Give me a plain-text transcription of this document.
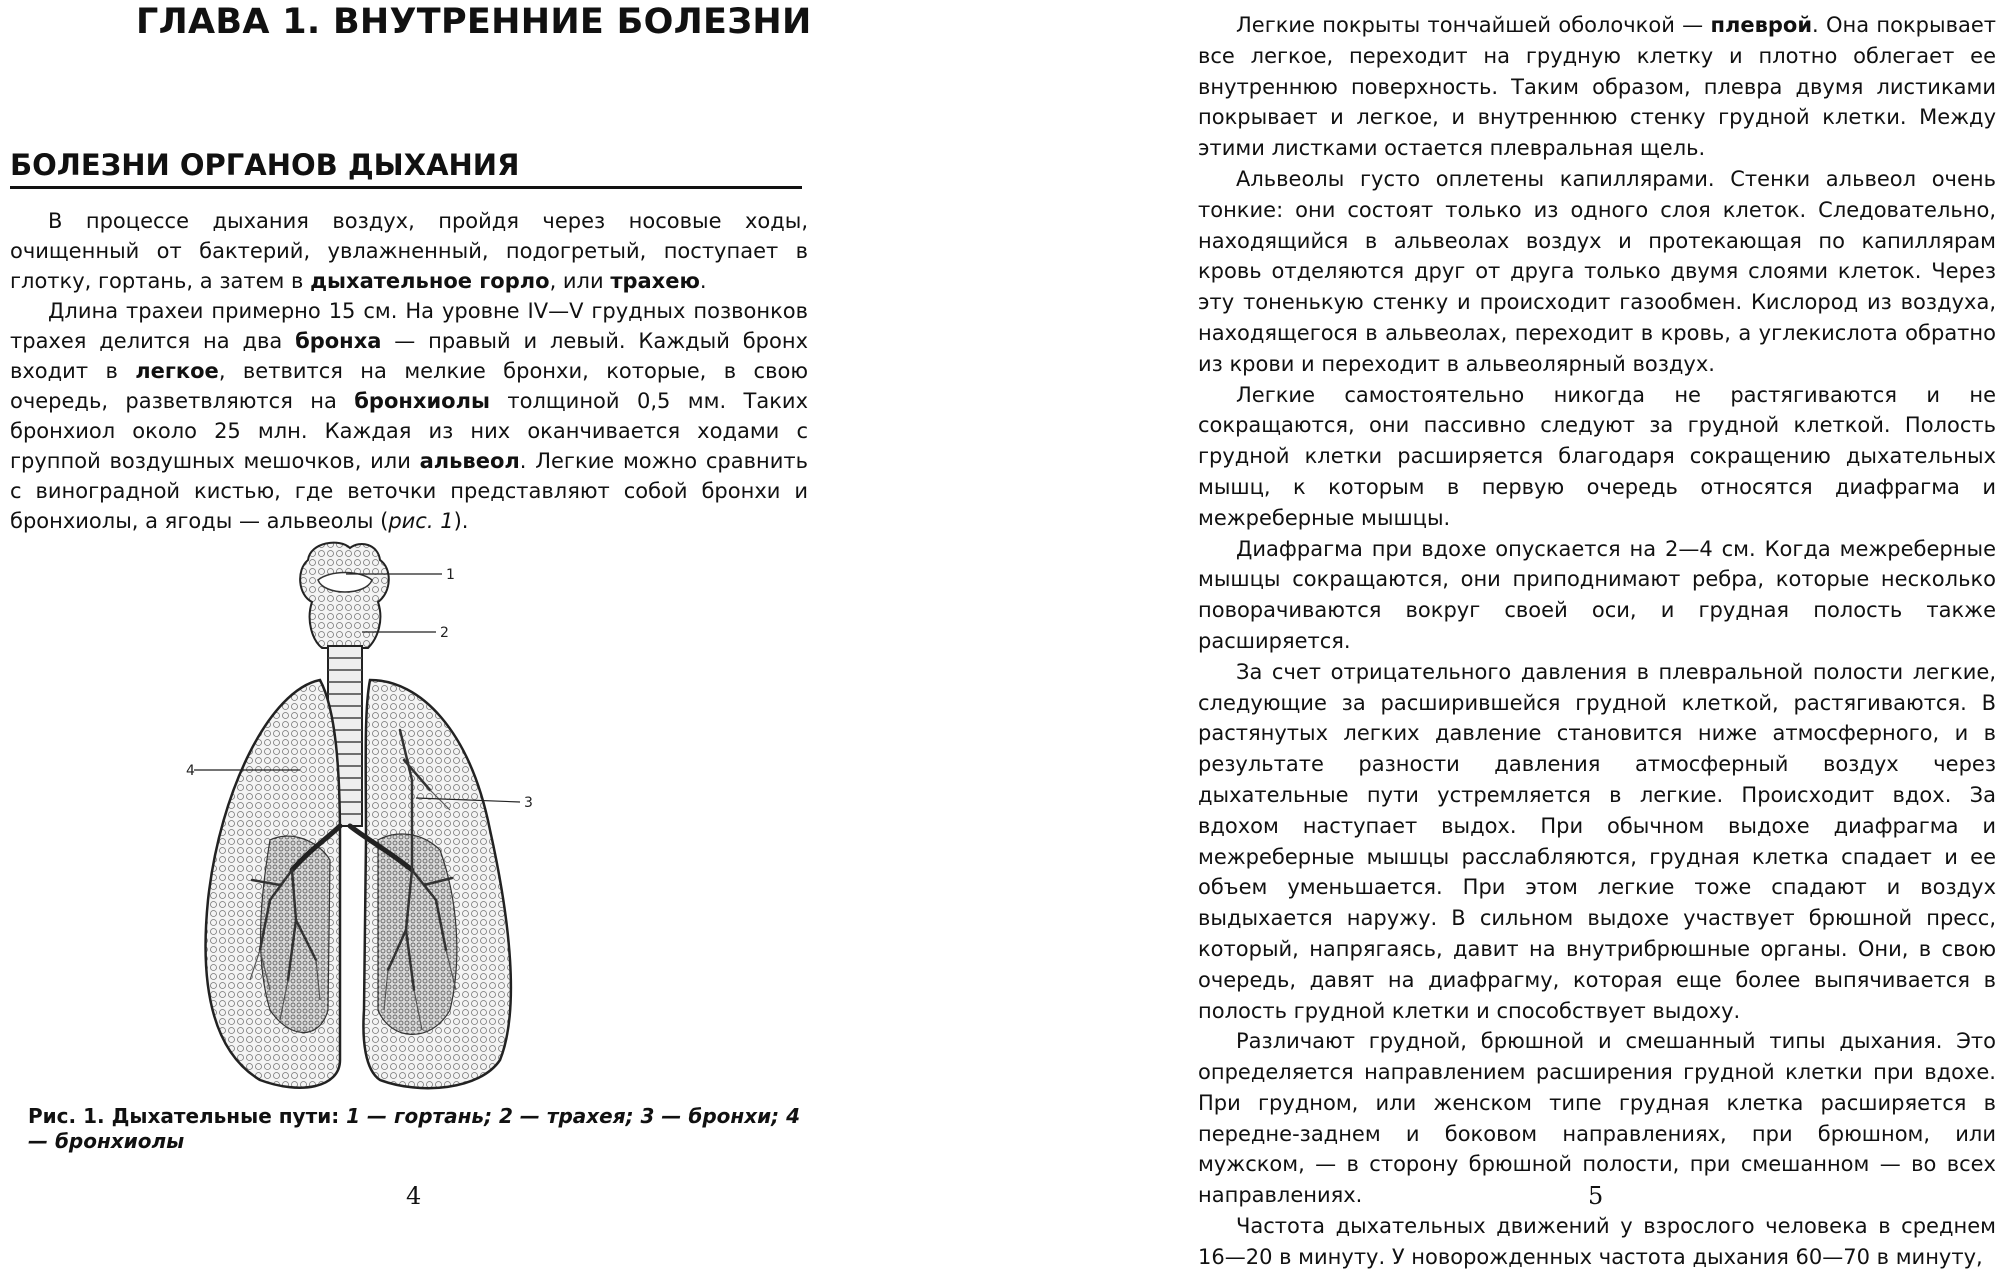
ГЛАВА 1. ВНУТРЕННИЕ БОЛЕЗНИ
БОЛЕЗНИ ОРГАНОВ ДЫХАНИЯ

В процессе дыхания воздух, пройдя через носовые ходы, очищенный от бактерий, увлажненный, подогретый, поступает в глотку, гортань, а затем в дыхательное горло, или трахею.

Длина трахеи примерно 15 см. На уровне IV—V грудных позвонков трахея делится на два бронха — правый и левый. Каждый бронх входит в легкое, ветвится на мелкие бронхи, которые, в свою очередь, разветвляются на бронхиолы толщиной 0,5 мм. Таких бронхиол около 25 млн. Каждая из них оканчивается ходами с группой воздушных мешочков, или альвеол. Легкие можно сравнить с виноградной кистью, где веточки представляют собой бронхи и бронхиолы, а ягоды — альвеолы (рис. 1).

1
2
3
4
Рис. 1. Дыхательные пути: 1 — гортань; 2 — трахея; 3 — бронхи; 4 — бронхиолы
4

Легкие покрыты тончайшей оболочкой — плеврой. Она покрывает все легкое, переходит на грудную клетку и плотно облегает ее внутреннюю поверхность. Таким образом, плевра двумя листиками покрывает и легкое, и внутреннюю стенку грудной клетки. Между этими листками остается плевральная щель.

Альвеолы густо оплетены капиллярами. Стенки альвеол очень тонкие: они состоят только из одного слоя клеток. Следовательно, находящийся в альвеолах воздух и протекающая по капиллярам кровь отделяются друг от друга только двумя слоями клеток. Через эту тоненькую стенку и происходит газообмен. Кислород из воздуха, находящегося в альвеолах, переходит в кровь, а углекислота обратно из крови и переходит в альвеолярный воздух.

Легкие самостоятельно никогда не растягиваются и не сокращаются, они пассивно следуют за грудной клеткой. Полость грудной клетки расширяется благодаря сокращению дыхательных мышц, к которым в первую очередь относятся диафрагма и межреберные мышцы.

Диафрагма при вдохе опускается на 2—4 см. Когда межреберные мышцы сокращаются, они приподнимают ребра, которые несколько поворачиваются вокруг своей оси, и грудная полость также расширяется.

За счет отрицательного давления в плевральной полости легкие, следующие за расширившейся грудной клеткой, растягиваются. В растянутых легких давление становится ниже атмосферного, и в результате разности давления атмосферный воздух через дыхательные пути устремляется в легкие. Происходит вдох. За вдохом наступает выдох. При обычном выдохе диафрагма и межреберные мышцы расслабляются, грудная клетка спадает и ее объем уменьшается. При этом легкие тоже спадают и воздух выдыхается наружу. В сильном выдохе участвует брюшной пресс, который, напрягаясь, давит на внутрибрюшные органы. Они, в свою очередь, давят на диафрагму, которая еще более выпячивается в полость грудной клетки и способствует выдоху.

Различают грудной, брюшной и смешанный типы дыхания. Это определяется направлением расширения грудной клетки при вдохе. При грудном, или женском типе грудная клетка расширяется в передне-заднем и боковом направлениях, при брюшном, или мужском, — в сторону брюшной полости, при смешанном — во всех направлениях.

Частота дыхательных движений у взрослого человека в среднем 16—20 в минуту. У новорожденных частота дыхания 60—70 в минуту,

5
